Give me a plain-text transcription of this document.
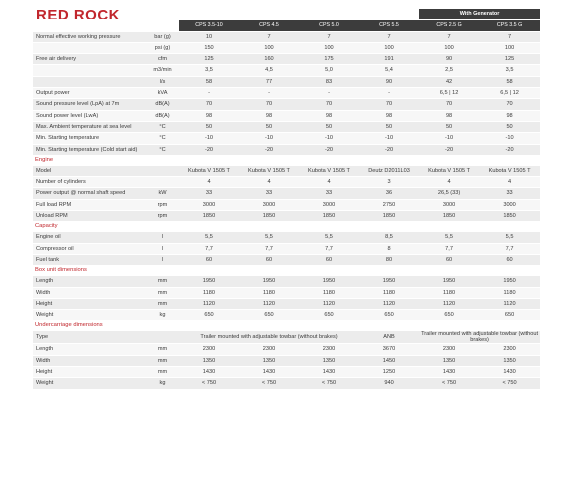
RED ROCK
						With Generator	
		CPS 3.5-10	CPS 4.5	CPS 5.0	CPS 5.5	CPS 2.5 G	CPS 3.5 G
Normal effective working pressure	bar (g)	10	7	7	7	7	7
	psi (g)	150	100	100	100	100	100
Free air delivery	cfm	125	160	175	191	90	125
	m3/min	3,5	4,5	5,0	5,4	2,5	3,5
	l/s	58	77	83	90	42	58
Output power	kVA	-	-	-	-	6,5 | 12	6,5 | 12
Sound pressure level (LpA) at 7m	dB(A)	70	70	70	70	70	70
Sound power level (LwA)	dB(A)	98	98	98	98	98	98
Max. Ambient temperature at sea level	°C	50	50	50	50	50	50
Min. Starting temperature	°C	-10	-10	-10	-10	-10	-10
Min. Starting temperature (Cold start aid)	°C	-20	-20	-20	-20	-20	-20
Engine							
Model		Kubota V 1505 T	Kubota V 1505 T	Kubota V 1505 T	Deutz D2011L03	Kubota V 1505 T	Kubota V 1505 T
Number of cylinders		4	4	4	3	4	4
Power output @ normal shaft speed	kW	33	33	33	36	26,5 (33)	33
Full load RPM	rpm	3000	3000	3000	2750	3000	3000
Unload RPM	rpm	1850	1850	1850	1850	1850	1850
Capacity							
Engine oil	l	5,5	5,5	5,5	8,5	5,5	5,5
Compressor oil	l	7,7	7,7	7,7	8	7,7	7,7
Fuel tank	l	60	60	60	80	60	60
Box unit dimensions							
Length	mm	1950	1950	1950	1950	1950	1950
Width	mm	1180	1180	1180	1180	1180	1180
Height	mm	1120	1120	1120	1120	1120	1120
Weight	kg	650	650	650	650	650	650
Undercarriage dimensions							
Type		Trailer mounted with adjustable towbar (without brakes)			ANB	Trailer mounted with adjustable towbar (without brakes)	
Length	mm	2300	2300	2300	3670	2300	2300
Width	mm	1350	1350	1350	1450	1350	1350
Height	mm	1430	1430	1430	1250	1430	1430
Weight	kg	< 750	< 750	< 750	940	< 750	< 750
